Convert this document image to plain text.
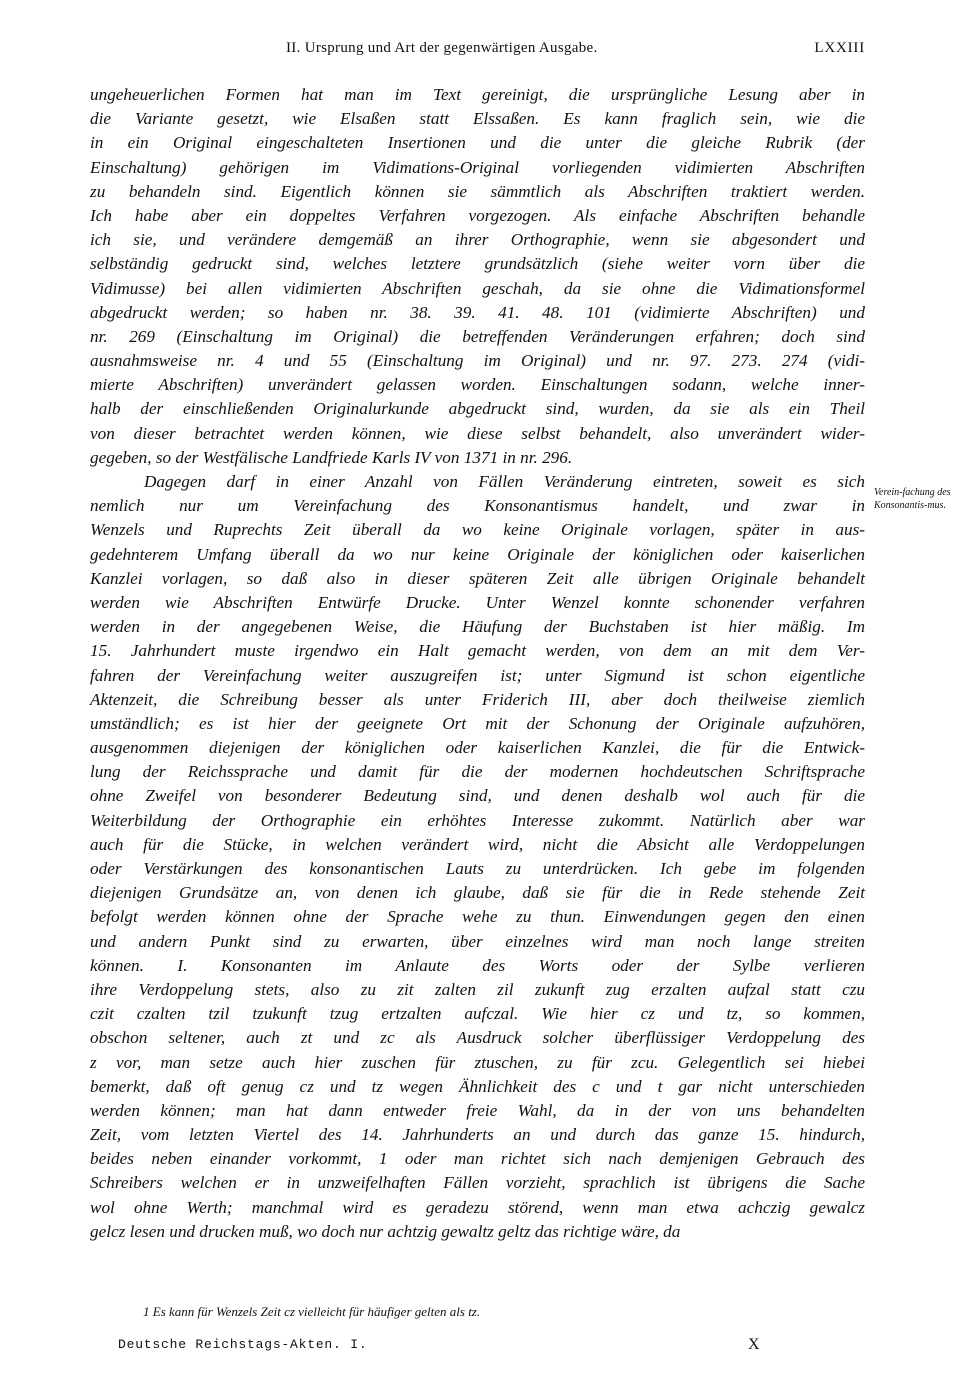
II. Ursprung und Art der gegenwärtigen Ausgabe.	LXXIII
ungeheuerlichen Formen hat man im Text gereinigt, die ursprüngliche Lesung aber in
die Variante gesetzt, wie Elsaßen statt Elssaßen. Es kann fraglich sein, wie die
in ein Original eingeschalteten Insertionen und die unter die gleiche Rubrik (der
Einschaltung) gehörigen im Vidimations-Original vorliegenden vidimierten Abschriften
zu behandeln sind. Eigentlich können sie sämmtlich als Abschriften traktiert werden.
Ich habe aber ein doppeltes Verfahren vorgezogen. Als einfache Abschriften behandle
ich sie, und verändere demgemäß an ihrer Orthographie, wenn sie abgesondert und
selbständig gedruckt sind, welches letztere grundsätzlich (siehe weiter vorn über die
Vidimusse) bei allen vidimierten Abschriften geschah, da sie ohne die Vidimationsformel
abgedruckt werden; so haben nr. 38. 39. 41. 48. 101 (vidimierte Abschriften) und
nr. 269 (Einschaltung im Original) die betreffenden Veränderungen erfahren; doch sind
ausnahmsweise nr. 4 und 55 (Einschaltung im Original) und nr. 97. 273. 274 (vidi-
mierte Abschriften) unverändert gelassen worden. Einschaltungen sodann, welche inner-
halb der einschließenden Originalurkunde abgedruckt sind, wurden, da sie als ein Theil
von dieser betrachtet werden können, wie diese selbst behandelt, also unverändert wider-
gegeben, so der Westfälische Landfriede Karls IV von 1371 in nr. 296.
Dagegen darf in einer Anzahl von Fällen Veränderung eintreten, soweit es sich
nemlich nur um Vereinfachung des Konsonantismus handelt, und zwar in
Wenzels und Ruprechts Zeit überall da wo keine Originale vorlagen, später in aus-
gedehnterem Umfang überall da wo nur keine Originale der königlichen oder kaiserlichen
Kanzlei vorlagen, so daß also in dieser späteren Zeit alle übrigen Originale behandelt
werden wie Abschriften Entwürfe Drucke. Unter Wenzel konnte schonender verfahren
werden in der angegebenen Weise, die Häufung der Buchstaben ist hier mäßig. Im
15. Jahrhundert muste irgendwo ein Halt gemacht werden, von dem an mit dem Ver-
fahren der Vereinfachung weiter auszugreifen ist; unter Sigmund ist schon eigentliche
Aktenzeit, die Schreibung besser als unter Friderich III, aber doch theilweise ziemlich
umständlich; es ist hier der geeignete Ort mit der Schonung der Originale aufzuhören,
ausgenommen diejenigen der königlichen oder kaiserlichen Kanzlei, die für die Entwick-
lung der Reichssprache und damit für die der modernen hochdeutschen Schriftsprache
ohne Zweifel von besonderer Bedeutung sind, und denen deshalb wol auch für die
Weiterbildung der Orthographie ein erhöhtes Interesse zukommt. Natürlich aber war
auch für die Stücke, in welchen verändert wird, nicht die Absicht alle Verdoppelungen
oder Verstärkungen des konsonantischen Lauts zu unterdrücken. Ich gebe im folgenden
diejenigen Grundsätze an, von denen ich glaube, daß sie für die in Rede stehende Zeit
befolgt werden können ohne der Sprache wehe zu thun. Einwendungen gegen den einen
und andern Punkt sind zu erwarten, über einzelnes wird man noch lange streiten
können. I. Konsonanten im Anlaute des Worts oder der Sylbe verlieren
ihre Verdoppelung stets, also zu zit zalten zil zukunft zug erzalten aufzal statt czu
czit czalten tzil tzukunft tzug ertzalten aufczal. Wie hier cz und tz, so kommen,
obschon seltener, auch zt und zc als Ausdruck solcher überflüssiger Verdoppelung des
z vor, man setze auch hier zuschen für ztuschen, zu für zcu. Gelegentlich sei hiebei
bemerkt, daß oft genug cz und tz wegen Ähnlichkeit des c und t gar nicht unterschieden
werden können; man hat dann entweder freie Wahl, da in der von uns behandelten
Zeit, vom letzten Viertel des 14. Jahrhunderts an und durch das ganze 15. hindurch,
beides neben einander vorkommt, 1 oder man richtet sich nach demjenigen Gebrauch des
Schreibers welchen er in unzweifelhaften Fällen vorzieht, sprachlich ist übrigens die Sache
wol ohne Werth; manchmal wird es geradezu störend, wenn man etwa achczig gewalcz
gelcz lesen und drucken muß, wo doch nur achtzig gewaltz geltz das richtige wäre, da
Verein-fachung des Konsonantis-mus.
1 Es kann für Wenzels Zeit cz vielleicht für häufiger gelten als tz.
Deutsche Reichstags-Akten. I.	X
